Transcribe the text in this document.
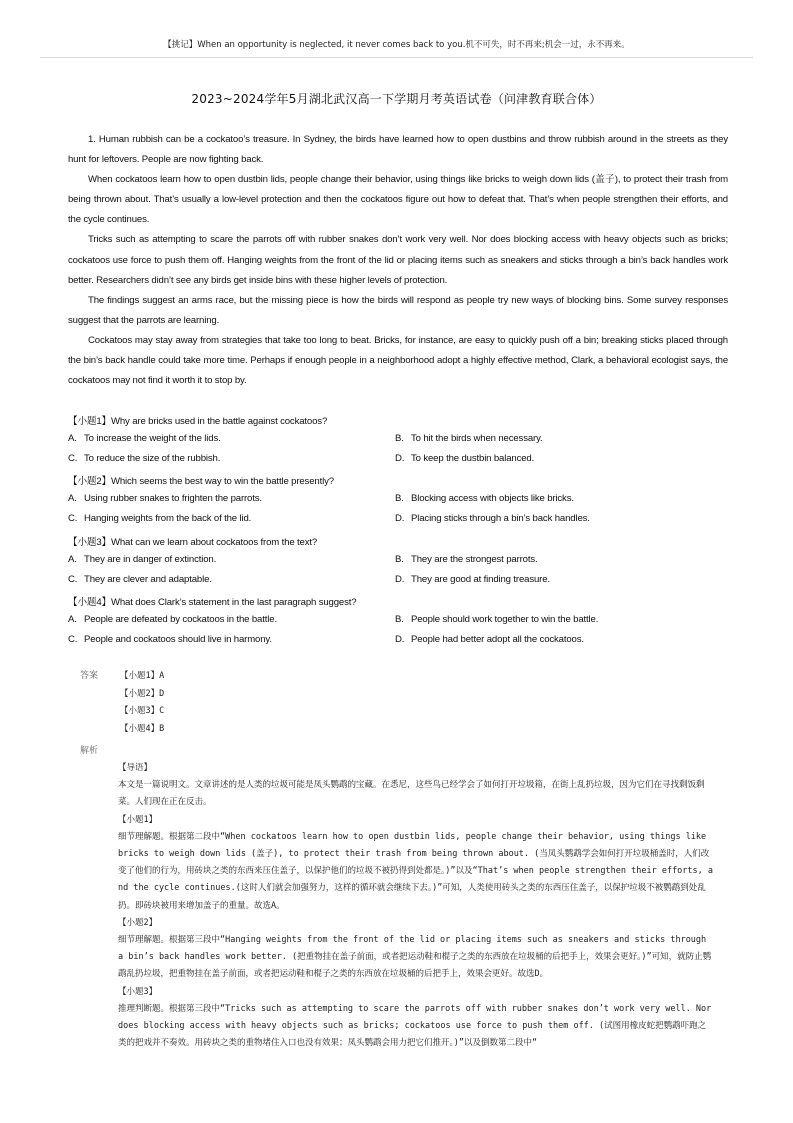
【挑记】When an opportunity is neglected, it never comes back to you.机不可失，时不再来;机会一过，永不再来。
2023~2024学年5月湖北武汉高一下学期月考英语试卷（问津教育联合体）

1. Human rubbish can be a cockatoo’s treasure. In Sydney, the birds have learned how to open dustbins and throw rubbish around in the streets as they hunt for leftovers. People are now fighting back.

When cockatoos learn how to open dustbin lids, people change their behavior, using things like bricks to weigh down lids (盖子), to protect their trash from being thrown about. That’s usually a low-level protection and then the cockatoos figure out how to defeat that. That’s when people strengthen their efforts, and the cycle continues.

Tricks such as attempting to scare the parrots off with rubber snakes don’t work very well. Nor does blocking access with heavy objects such as bricks; cockatoos use force to push them off. Hanging weights from the front of the lid or placing items such as sneakers and sticks through a bin’s back handles work better. Researchers didn’t see any birds get inside bins with these higher levels of protection.

The findings suggest an arms race, but the missing piece is how the birds will respond as people try new ways of blocking bins. Some survey responses suggest that the parrots are learning.

Cockatoos may stay away from strategies that take too long to beat. Bricks, for instance, are easy to quickly push off a bin; breaking sticks placed through the bin’s back handle could take more time. Perhaps if enough people in a neighborhood adopt a highly effective method, Clark, a behavioral ecologist says, the cockatoos may not find it worth it to stop by.

【小题1】Why are bricks used in the battle against cockatoos?
A. To increase the weight of the lids.	B. To hit the birds when necessary.
C. To reduce the size of the rubbish.	D. To keep the dustbin balanced.
【小题2】Which seems the best way to win the battle presently?
A. Using rubber snakes to frighten the parrots.	B. Blocking access with objects like bricks.
C. Hanging weights from the back of the lid.	D. Placing sticks through a bin’s back handles.
【小题3】What can we learn about cockatoos from the text?
A. They are in danger of extinction.	B. They are the strongest parrots.
C. They are clever and adaptable.	D. They are good at finding treasure.
【小题4】What does Clark’s statement in the last paragraph suggest?
A. People are defeated by cockatoos in the battle.	B. People should work together to win the battle.
C. People and cockatoos should live in harmony.	D. People had better adopt all the cockatoos.
答案	【小题1】A
【小题2】D
【小题3】C
【小题4】B
解析
【导语】
本文是一篇说明文。文章讲述的是人类的垃圾可能是凤头鹦鹉的宝藏。在悉尼，这些鸟已经学会了如何打开垃圾箱，在街上乱扔垃圾，因为它们在寻找剩饭剩菜。人们现在正在反击。
【小题1】
细节理解题。根据第二段中“When cockatoos learn how to open dustbin lids, people change their behavior, using things like bricks to weigh down lids (盖子), to protect their trash from being thrown about. (当凤头鹦鹉学会如何打开垃圾桶盖时，人们改变了他们的行为，用砖块之类的东西来压住盖子，以保护他们的垃圾不被扔得到处都是。)”以及“That’s when people strengthen their efforts, and the cycle continues.(这时人们就会加强努力，这样的循环就会继续下去。)”可知，人类使用砖头之类的东西压住盖子，以保护垃圾不被鹦鹉到处乱扔。即砖块被用来增加盖子的重量。故选A。
【小题2】
细节理解题。根据第三段中“Hanging weights from the front of the lid or placing items such as sneakers and sticks through a bin’s back handles work better. (把重物挂在盖子前面，或者把运动鞋和棍子之类的东西放在垃圾桶的后把手上，效果会更好。)”可知，就防止鹦鹉乱扔垃圾，把重物挂在盖子前面，或者把运动鞋和棍子之类的东西放在垃圾桶的后把手上，效果会更好。故选D。
【小题3】
推理判断题。根据第三段中“Tricks such as attempting to scare the parrots off with rubber snakes don’t work very well. Nor does blocking access with heavy objects such as bricks; cockatoos use force to push them off. (试图用橡皮蛇把鹦鹉吓跑之类的把戏并不奏效。用砖块之类的重物堵住入口也没有效果；凤头鹦鹉会用力把它们推开。)”以及倒数第二段中“
